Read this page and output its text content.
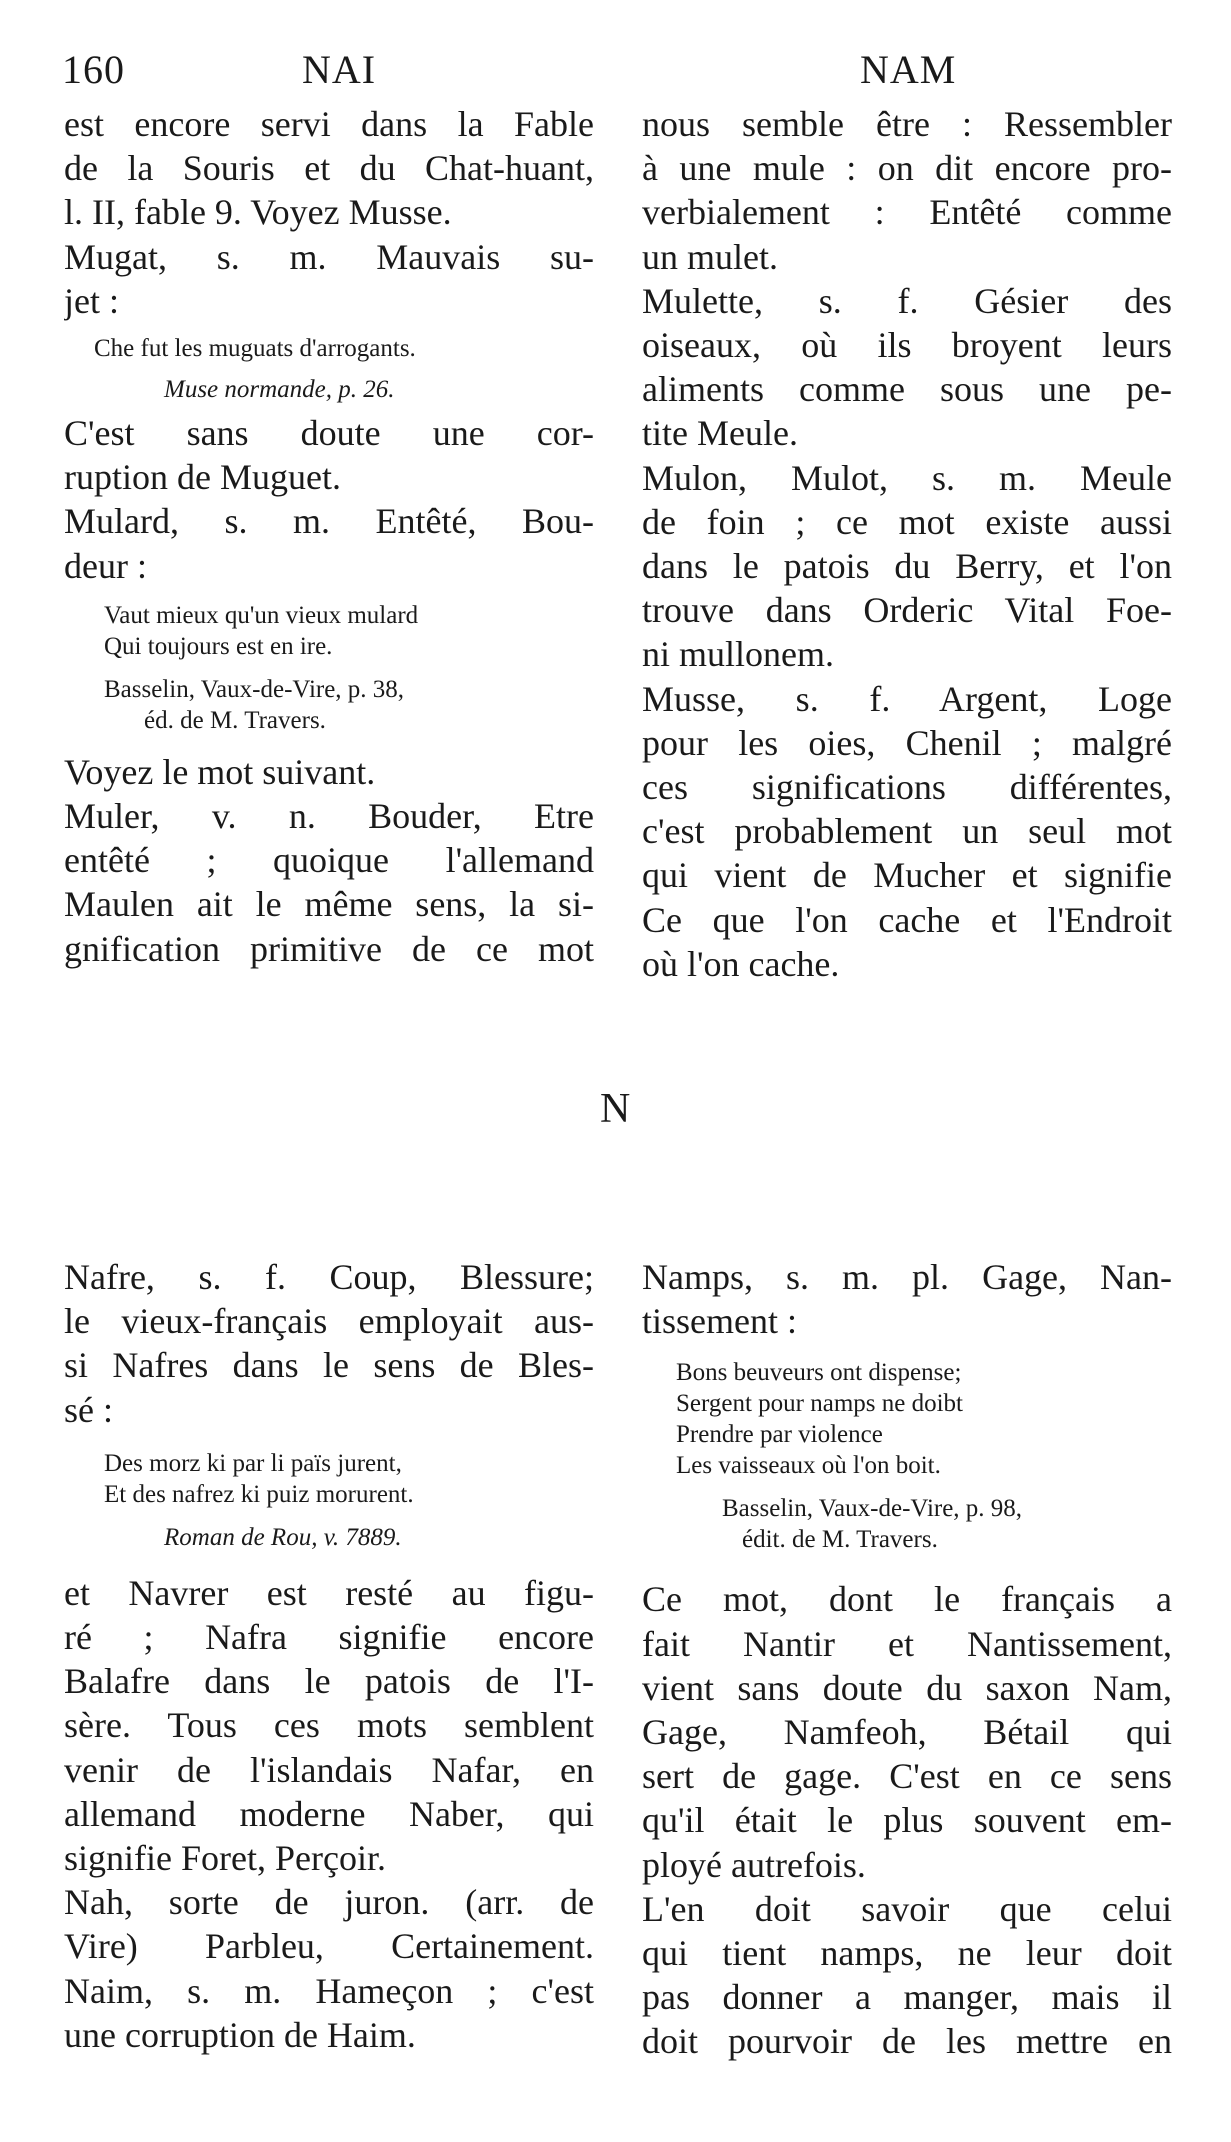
160	NAI	NAM
est encore servi dans la Fable
de la Souris et du Chat-huant,
l. II, fable 9. Voyez Musse.
Mugat, s. m. Mauvais su-
jet :
Che fut les muguats d'arrogants.
Muse normande, p. 26.
C'est sans doute une cor-
ruption de Muguet.
Mulard, s. m. Entêté, Bou-
deur :
Vaut mieux qu'un vieux mulard
Qui toujours est en ire.
Basselin, Vaux-de-Vire, p. 38,
éd. de M. Travers.
Voyez le mot suivant.
Muler, v. n. Bouder, Etre
entêté ; quoique l'allemand
Maulen ait le même sens, la si-
gnification primitive de ce mot
nous semble être : Ressembler
à une mule : on dit encore pro-
verbialement : Entêté comme
un mulet.
Mulette, s. f. Gésier des
oiseaux, où ils broyent leurs
aliments comme sous une pe-
tite Meule.
Mulon, Mulot, s. m. Meule
de foin ; ce mot existe aussi
dans le patois du Berry, et l'on
trouve dans Orderic Vital Foe-
ni mullonem.
Musse, s. f. Argent, Loge
pour les oies, Chenil ; malgré
ces significations différentes,
c'est probablement un seul mot
qui vient de Mucher et signifie
Ce que l'on cache et l'Endroit
où l'on cache.
N
Nafre, s. f. Coup, Blessure;
le vieux-français employait aus-
si Nafres dans le sens de Bles-
sé :
Des morz ki par li païs jurent,
Et des nafrez ki puiz morurent.
Roman de Rou, v. 7889.
et Navrer est resté au figu-
ré ; Nafra signifie encore
Balafre dans le patois de l'I-
sère. Tous ces mots semblent
venir de l'islandais Nafar, en
allemand moderne Naber, qui
signifie Foret, Perçoir.
Nah, sorte de juron. (arr. de
Vire) Parbleu, Certainement.
Naim, s. m. Hameçon ; c'est
une corruption de Haim.
Namps, s. m. pl. Gage, Nan-
tissement :
Bons beuveurs ont dispense;
Sergent pour namps ne doibt
Prendre par violence
Les vaisseaux où l'on boit.
Basselin, Vaux-de-Vire, p. 98,
édit. de M. Travers.
Ce mot, dont le français a
fait Nantir et Nantissement,
vient sans doute du saxon Nam,
Gage, Namfeoh, Bétail qui
sert de gage. C'est en ce sens
qu'il était le plus souvent em-
ployé autrefois.
L'en doit savoir que celui
qui tient namps, ne leur doit
pas donner a manger, mais il
doit pourvoir de les mettre en
